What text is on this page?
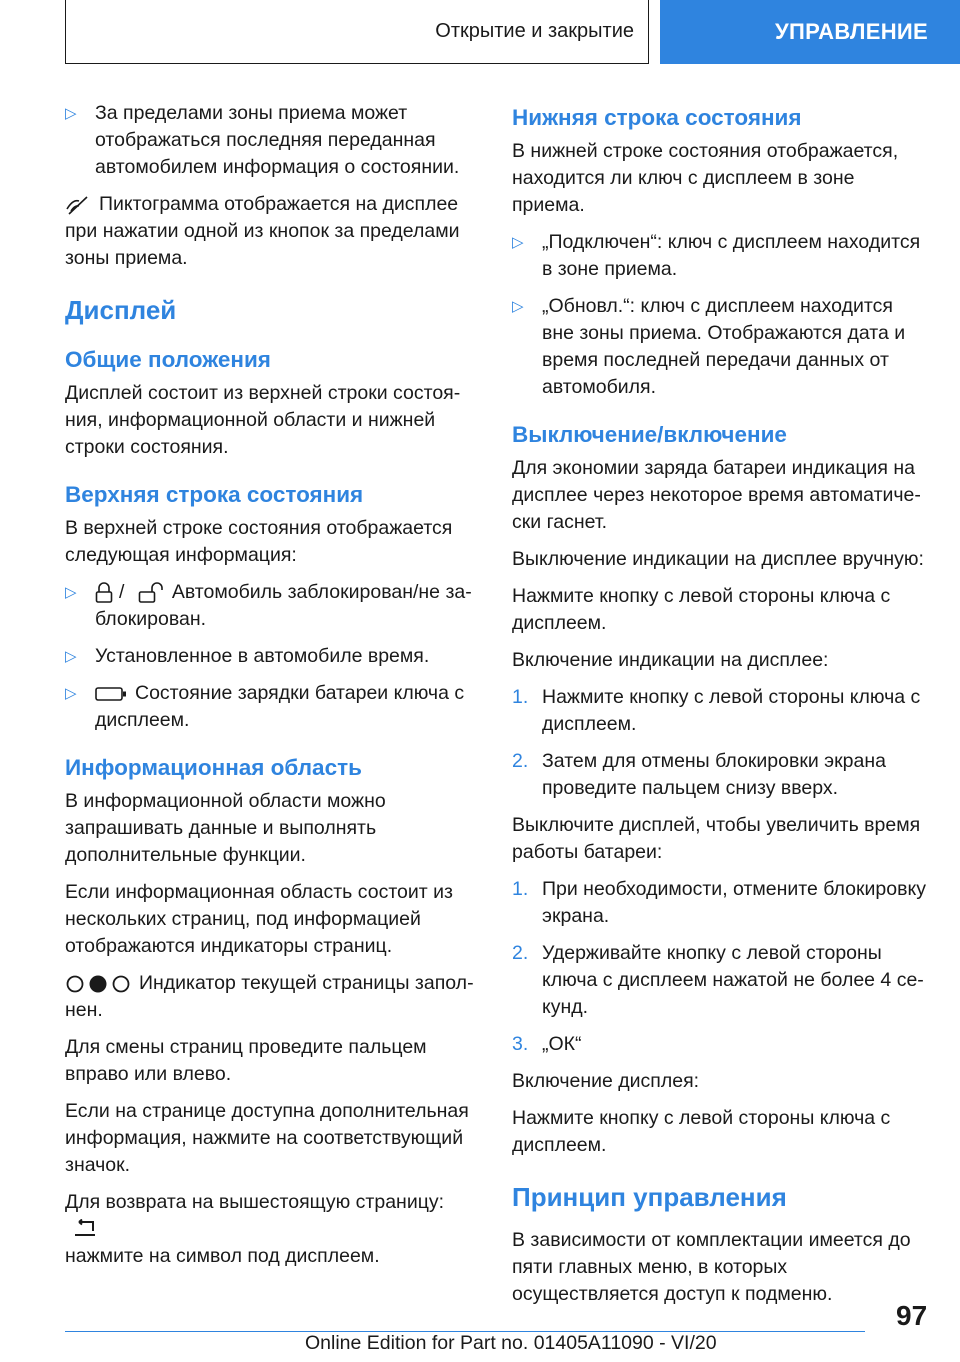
Открытие и закрытие	УПРАВЛЕНИЕ
▷ За пределами зоны приема может отображаться последняя переданная автомобилем информация о состоянии.

Пиктограмма отображается на дисплее при нажатии одной из кнопок за пределами зоны приема.

Дисплей
Общие положения

Дисплей состоит из верхней строки состояния, информационной области и нижней строки состояния.

Верхняя строка состояния

В верхней строке состояния отображается следующая информация:

▷ / Автомобиль заблокирован/не заблокирован.
▷ Установленное в автомобиле время.
▷	Состояние зарядки батареи ключа с дисплеем.
Информационная область

В информационной области можно запрашивать данные и выполнять дополнительные функции.

Если информационная область состоит из нескольких страниц, под информацией отображаются индикаторы страниц.

Индикатор текущей страницы заполнен.

Для смены страниц проведите пальцем вправо или влево.

Если на странице доступна дополнительная информация, нажмите на соответствующий значок.

Для возврата на вышестоящую страницу:
нажмите на символ под дисплеем.

Нижняя строка состояния

В нижней строке состояния отображается, находится ли ключ с дисплеем в зоне приема.

▷ „Подключен“: ключ с дисплеем находится в зоне приема.
▷ „Обновл.“: ключ с дисплеем находится вне зоны приема. Отображаются дата и время последней передачи данных от автомобиля.
Выключение/включение

Для экономии заряда батареи индикация на дисплее через некоторое время автоматически гаснет.

Выключение индикации на дисплее вручную:

Нажмите кнопку с левой стороны ключа с дисплеем.

Включение индикации на дисплее:

1. Нажмите кнопку с левой стороны ключа с дисплеем.
2. Затем для отмены блокировки экрана проведите пальцем снизу вверх.

Выключите дисплей, чтобы увеличить время работы батареи:

1. При необходимости, отмените блокировку экрана.
2. Удерживайте кнопку с левой стороны ключа с дисплеем нажатой не более 4 секунд.
3. „ОК“

Включение дисплея:

Нажмите кнопку с левой стороны ключа с дисплеем.

Принцип управления

В зависимости от комплектации имеется до пяти главных меню, в которых осуществляется доступ к подменю.

97
Online Edition for Part no. 01405A11090 - VI/20
